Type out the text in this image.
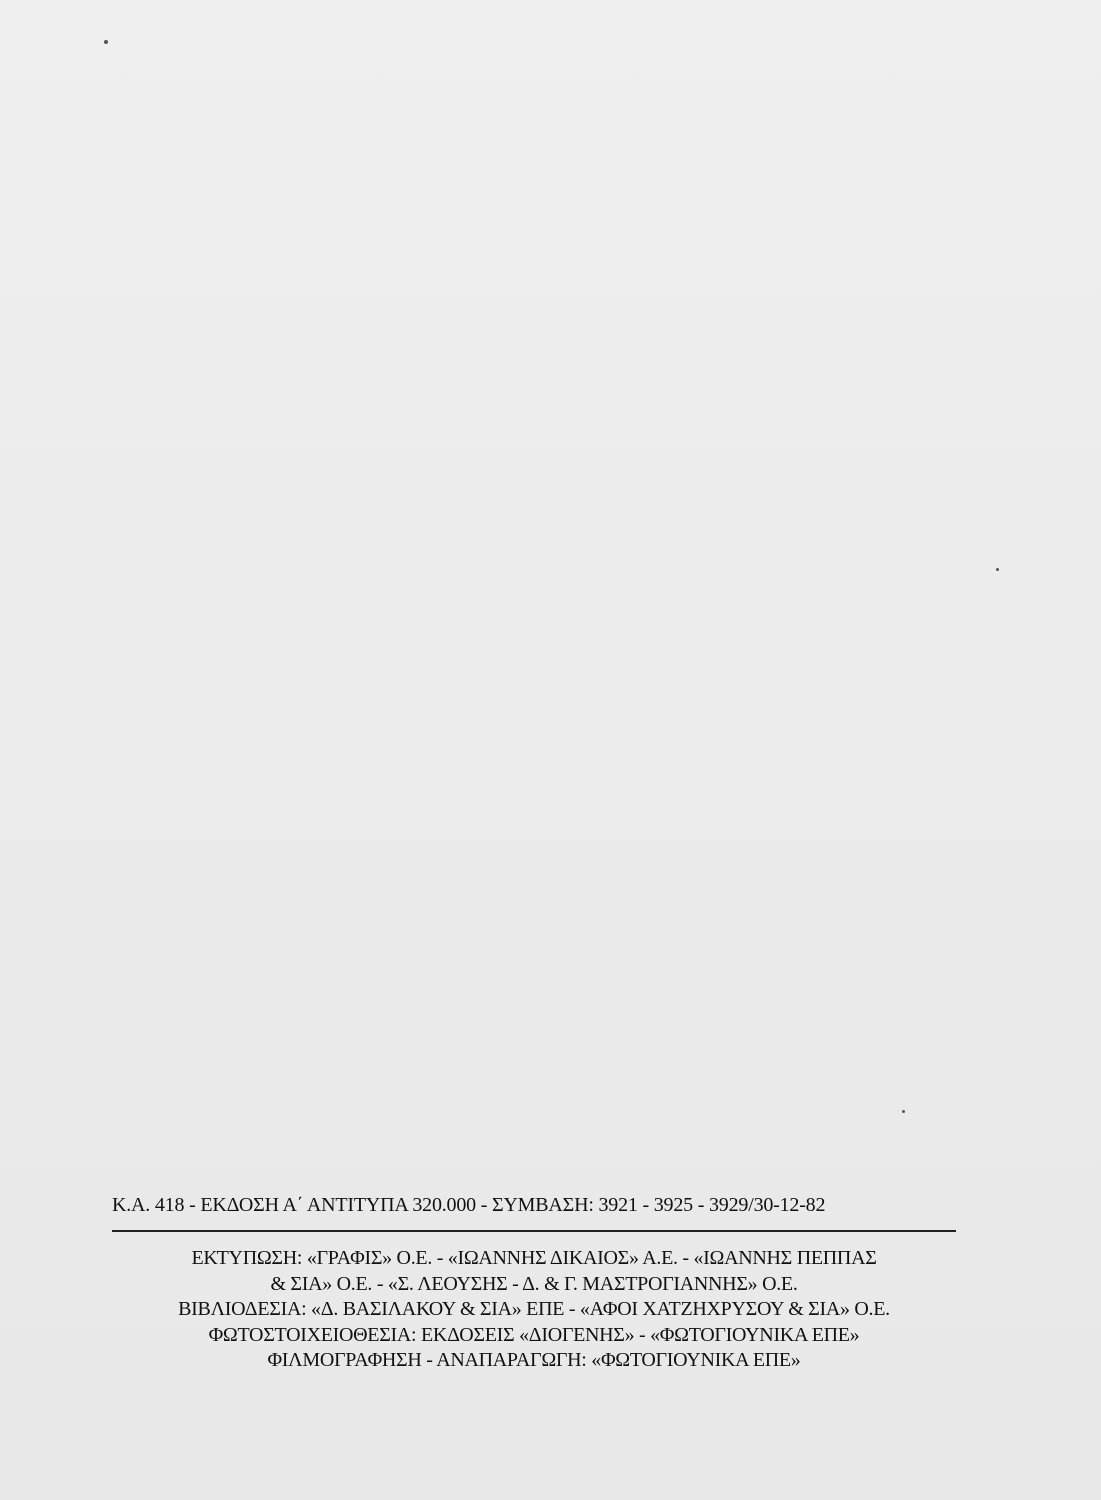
Κ.Α. 418 - ΕΚΔΟΣΗ Α΄ ΑΝΤΙΤΥΠΑ 320.000 - ΣΥΜΒΑΣΗ: 3921 - 3925 - 3929/30-12-82

ΕΚΤΥΠΩΣΗ: «ΓΡΑΦΙΣ» Ο.Ε. - «ΙΩΑΝΝΗΣ ΔΙΚΑΙΟΣ» Α.Ε. - «ΙΩΑΝΝΗΣ ΠΕΠΠΑΣ

& ΣΙΑ» Ο.Ε. - «Σ. ΛΕΟΥΣΗΣ - Δ. & Γ. ΜΑΣΤΡΟΓΙΑΝΝΗΣ» Ο.Ε.

ΒΙΒΛΙΟΔΕΣΙΑ: «Δ. ΒΑΣΙΛΑΚΟΥ & ΣΙΑ» ΕΠΕ - «ΑΦΟΙ ΧΑΤΖΗΧΡΥΣΟΥ & ΣΙΑ» Ο.Ε.

ΦΩΤΟΣΤΟΙΧΕΙΟΘΕΣΙΑ: ΕΚΔΟΣΕΙΣ «ΔΙΟΓΕΝΗΣ» - «ΦΩΤΟΓΙΟΥΝΙΚΑ ΕΠΕ»

ΦΙΛΜΟΓΡΑΦΗΣΗ - ΑΝΑΠΑΡΑΓΩΓΗ: «ΦΩΤΟΓΙΟΥΝΙΚΑ ΕΠΕ»
